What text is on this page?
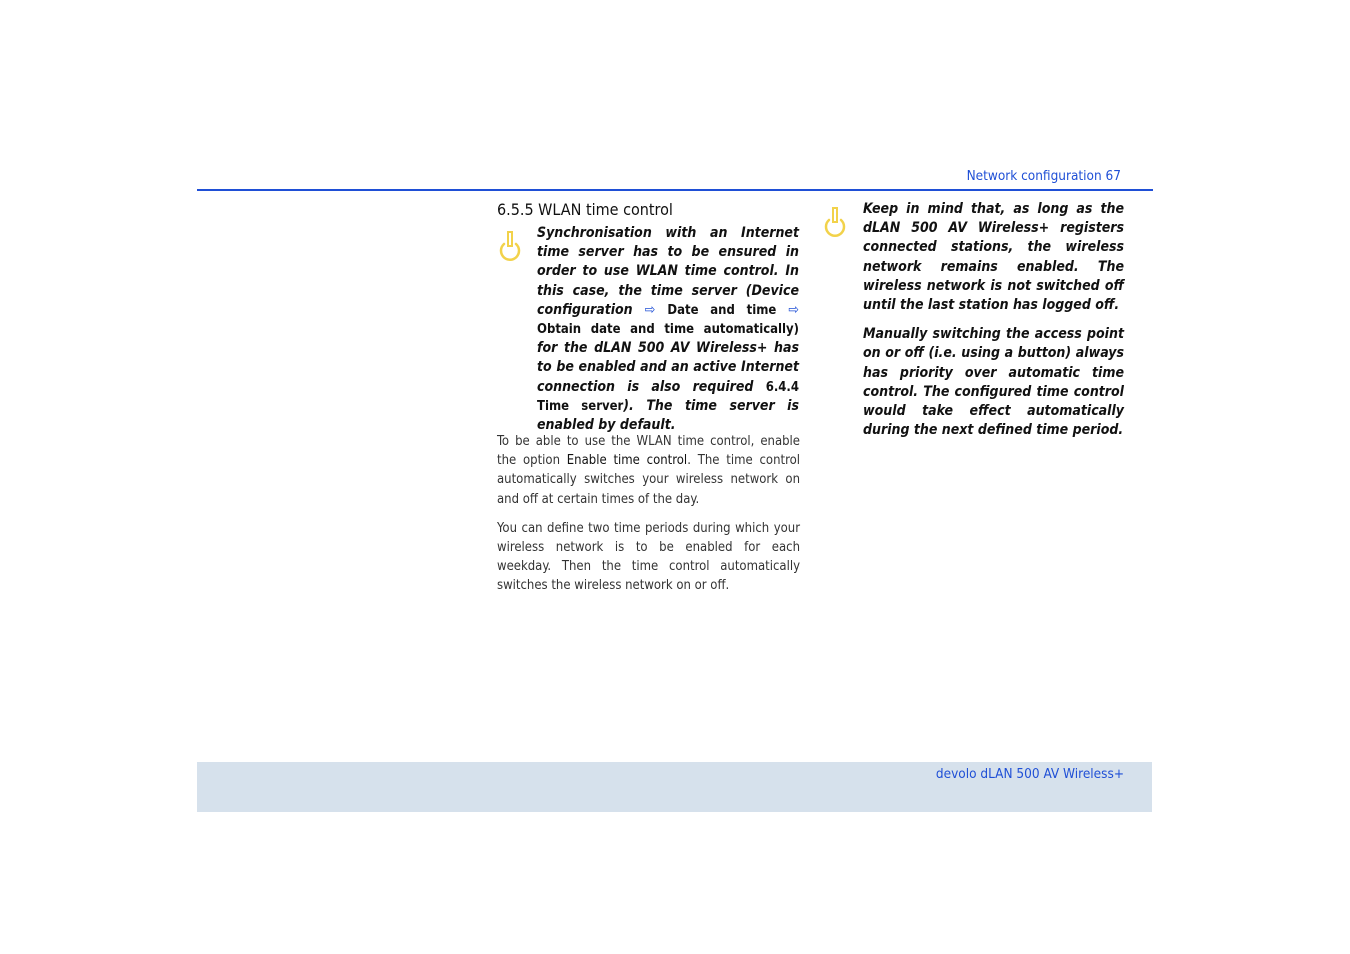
Network configuration 67
6.5.5 WLAN time control
Synchronisation with an Internet time server has to be ensured in order to use WLAN time control. In this case, the time server (Device configuration ⇨ Date and time ⇨ Obtain date and time automatically) for the dLAN 500 AV Wireless+ has to be enabled and an active Internet connection is also required 6.4.4 Time server). The time server is enabled by default.

To be able to use the WLAN time control, enable the option Enable time control. The time control automatically switches your wireless network on and off at certain times of the day.

You can define two time periods during which your wireless network is to be enabled for each weekday. Then the time control automatically switches the wireless network on or off.

Keep in mind that, as long as the dLAN 500 AV Wireless+ registers connected stations, the wireless network remains enabled. The wireless network is not switched off until the last station has logged off.
Manually switching the access point on or off (i.e. using a button) always has priority over automatic time control. The configured time control would take effect automatically during the next defined time period.
devolo dLAN 500 AV Wireless+
